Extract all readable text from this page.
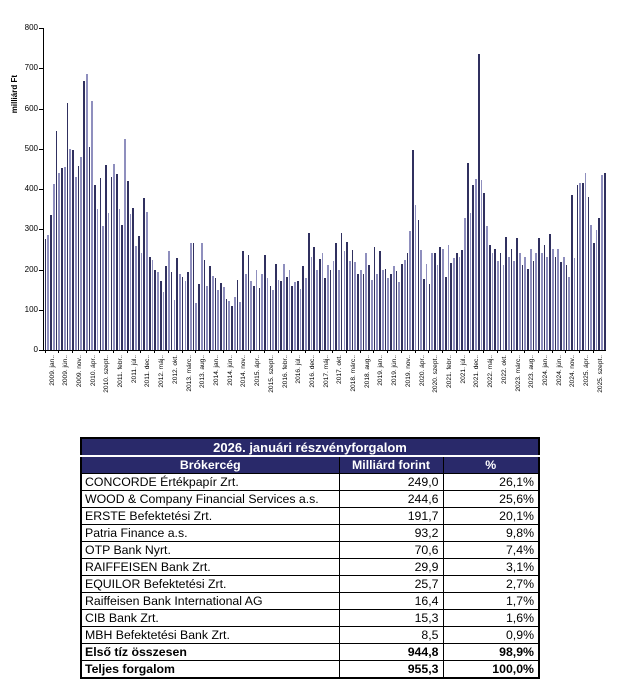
milliárd Ft
0
100
200
300
400
500
600
700
800
2009. jan.. 2009. jún.. 2009. nov.. 2010. ápr.. 2010. szept.. 2011. febr.. 2011. júl.. 2011. dec.. 2012. máj.. 2012. okt. 2013. márc.. 2013. aug.. 2014. jan.. 2014. jún.. 2014. nov.. 2015. ápr.. 2015. szept.. 2016. febr.. 2016. júl.. 2016. dec.. 2017. máj.. 2017. okt. 2018. márc.. 2018. aug.. 2019. jan.. 2019. jún.. 2019. nov.. 2020. ápr.. 2020. szept.. 2021. febr.. 2021. júl.. 2021. dec.. 2022. máj.. 2022. okt. 2023. márc.. 2023. aug.. 2024. jan.. 2024. jún.. 2024. nov.. 2025. ápr.. 2025. szept..
2026. januári részvényforgalom		
Brókercég	Milliárd forint	%
CONCORDE Értékpapír Zrt.	249,0	26,1%
WOOD & Company Financial Services a.s.	244,6	25,6%
ERSTE Befektetési Zrt.	191,7	20,1%
Patria Finance a.s.	93,2	9,8%
OTP Bank Nyrt.	70,6	7,4%
RAIFFEISEN Bank Zrt.	29,9	3,1%
EQUILOR Befektetési Zrt.	25,7	2,7%
Raiffeisen Bank International AG	16,4	1,7%
CIB Bank Zrt.	15,3	1,6%
MBH Befektetési Bank Zrt.	8,5	0,9%
Első tíz összesen	944,8	98,9%
Teljes forgalom	955,3	100,0%
